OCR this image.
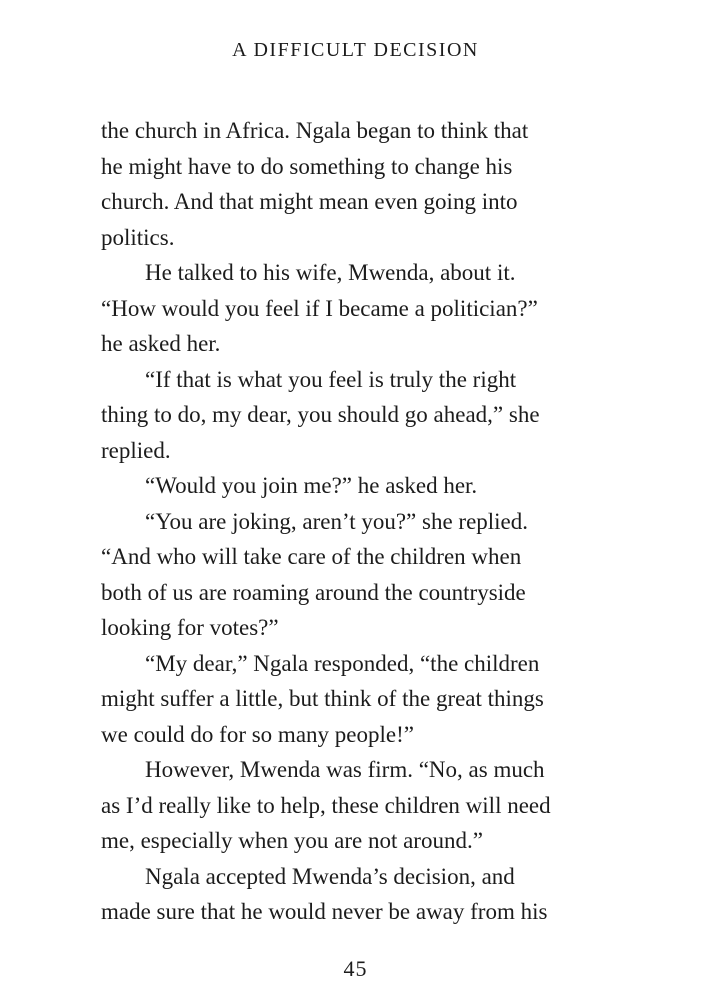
A DIFFICULT DECISION
the church in Africa. Ngala began to think that
he might have to do something to change his
church. And that might mean even going into
politics.
He talked to his wife, Mwenda, about it.
“How would you feel if I became a politician?”
he asked her.
“If that is what you feel is truly the right
thing to do, my dear, you should go ahead,” she
replied.
“Would you join me?” he asked her.
“You are joking, aren’t you?” she replied.
“And who will take care of the children when
both of us are roaming around the countryside
looking for votes?”
“My dear,” Ngala responded, “the children
might suffer a little, but think of the great things
we could do for so many people!”
However, Mwenda was firm. “No, as much
as I’d really like to help, these children will need
me, especially when you are not around.”
Ngala accepted Mwenda’s decision, and
made sure that he would never be away from his
45
